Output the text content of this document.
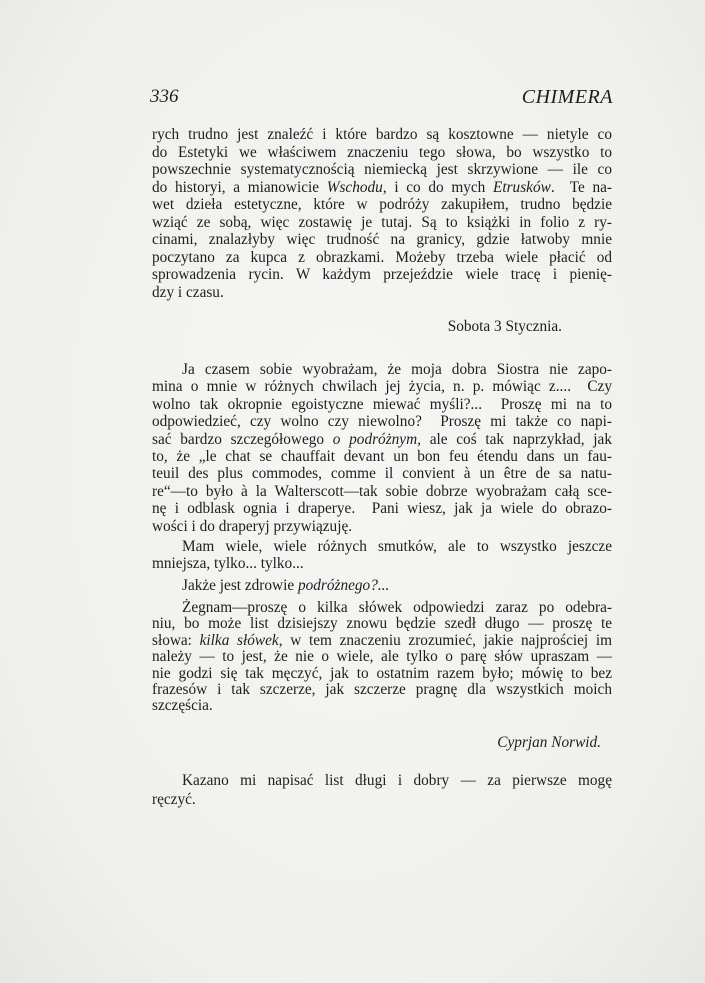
336	CHIMERA
rych trudno jest znaleźć i które bardzo są kosztowne — nietyle co
do Estetyki we właściwem znaczeniu tego słowa, bo wszystko to
powszechnie systematycznością niemiecką jest skrzywione — ile co
do historyi, a mianowicie Wschodu, i co do mych Etrusków.  Te na-
wet dzieła estetyczne, które w podróży zakupiłem, trudno będzie
wziąć ze sobą, więc zostawię je tutaj. Są to książki in folio z ry-
cinami, znalazłyby więc trudność na granicy, gdzie łatwoby mnie
poczytano za kupca z obrazkami. Możeby trzeba wiele płacić od
sprowadzenia rycin. W każdym przejeździe wiele tracę i pienię-
dzy i czasu.
Ja czasem sobie wyobrażam, że moja dobra Siostra nie zapo-
mina o mnie w różnych chwilach jej życia, n. p. mówiąc z....  Czy
wolno tak okropnie egoistyczne miewać myśli?...  Proszę mi na to
odpowiedzieć, czy wolno czy niewolno?  Proszę mi także co napi-
sać bardzo szczegółowego o podróżnym, ale coś tak naprzykład, jak
to, że „le chat se chauffait devant un bon feu étendu dans un fau-
teuil des plus commodes, comme il convient à un être de sa natu-
re“—to było à la Walterscott—tak sobie dobrze wyobrażam całą sce-
nę i odblask ognia i draperye.  Pani wiesz, jak ja wiele do obrazo-
wości i do draperyj przywiązuję.
Mam wiele, wiele różnych smutków, ale to wszystko jeszcze
mniejsza, tylko... tylko...
Jakże jest zdrowie podróżnego?...
Żegnam—proszę o kilka słówek odpowiedzi zaraz po odebra-
niu, bo może list dzisiejszy znowu będzie szedł długo — proszę te
słowa: kilka słówek, w tem znaczeniu zrozumieć, jakie najprościej im
należy — to jest, że nie o wiele, ale tylko o parę słów upraszam —
nie godzi się tak męczyć, jak to ostatnim razem było; mówię to bez
frazesów i tak szczerze, jak szczerze pragnę dla wszystkich moich
szczęścia.
Kazano mi napisać list długi i dobry — za pierwsze mogę
ręczyć.
Sobota 3 Stycznia.
Cyprjan Norwid.
